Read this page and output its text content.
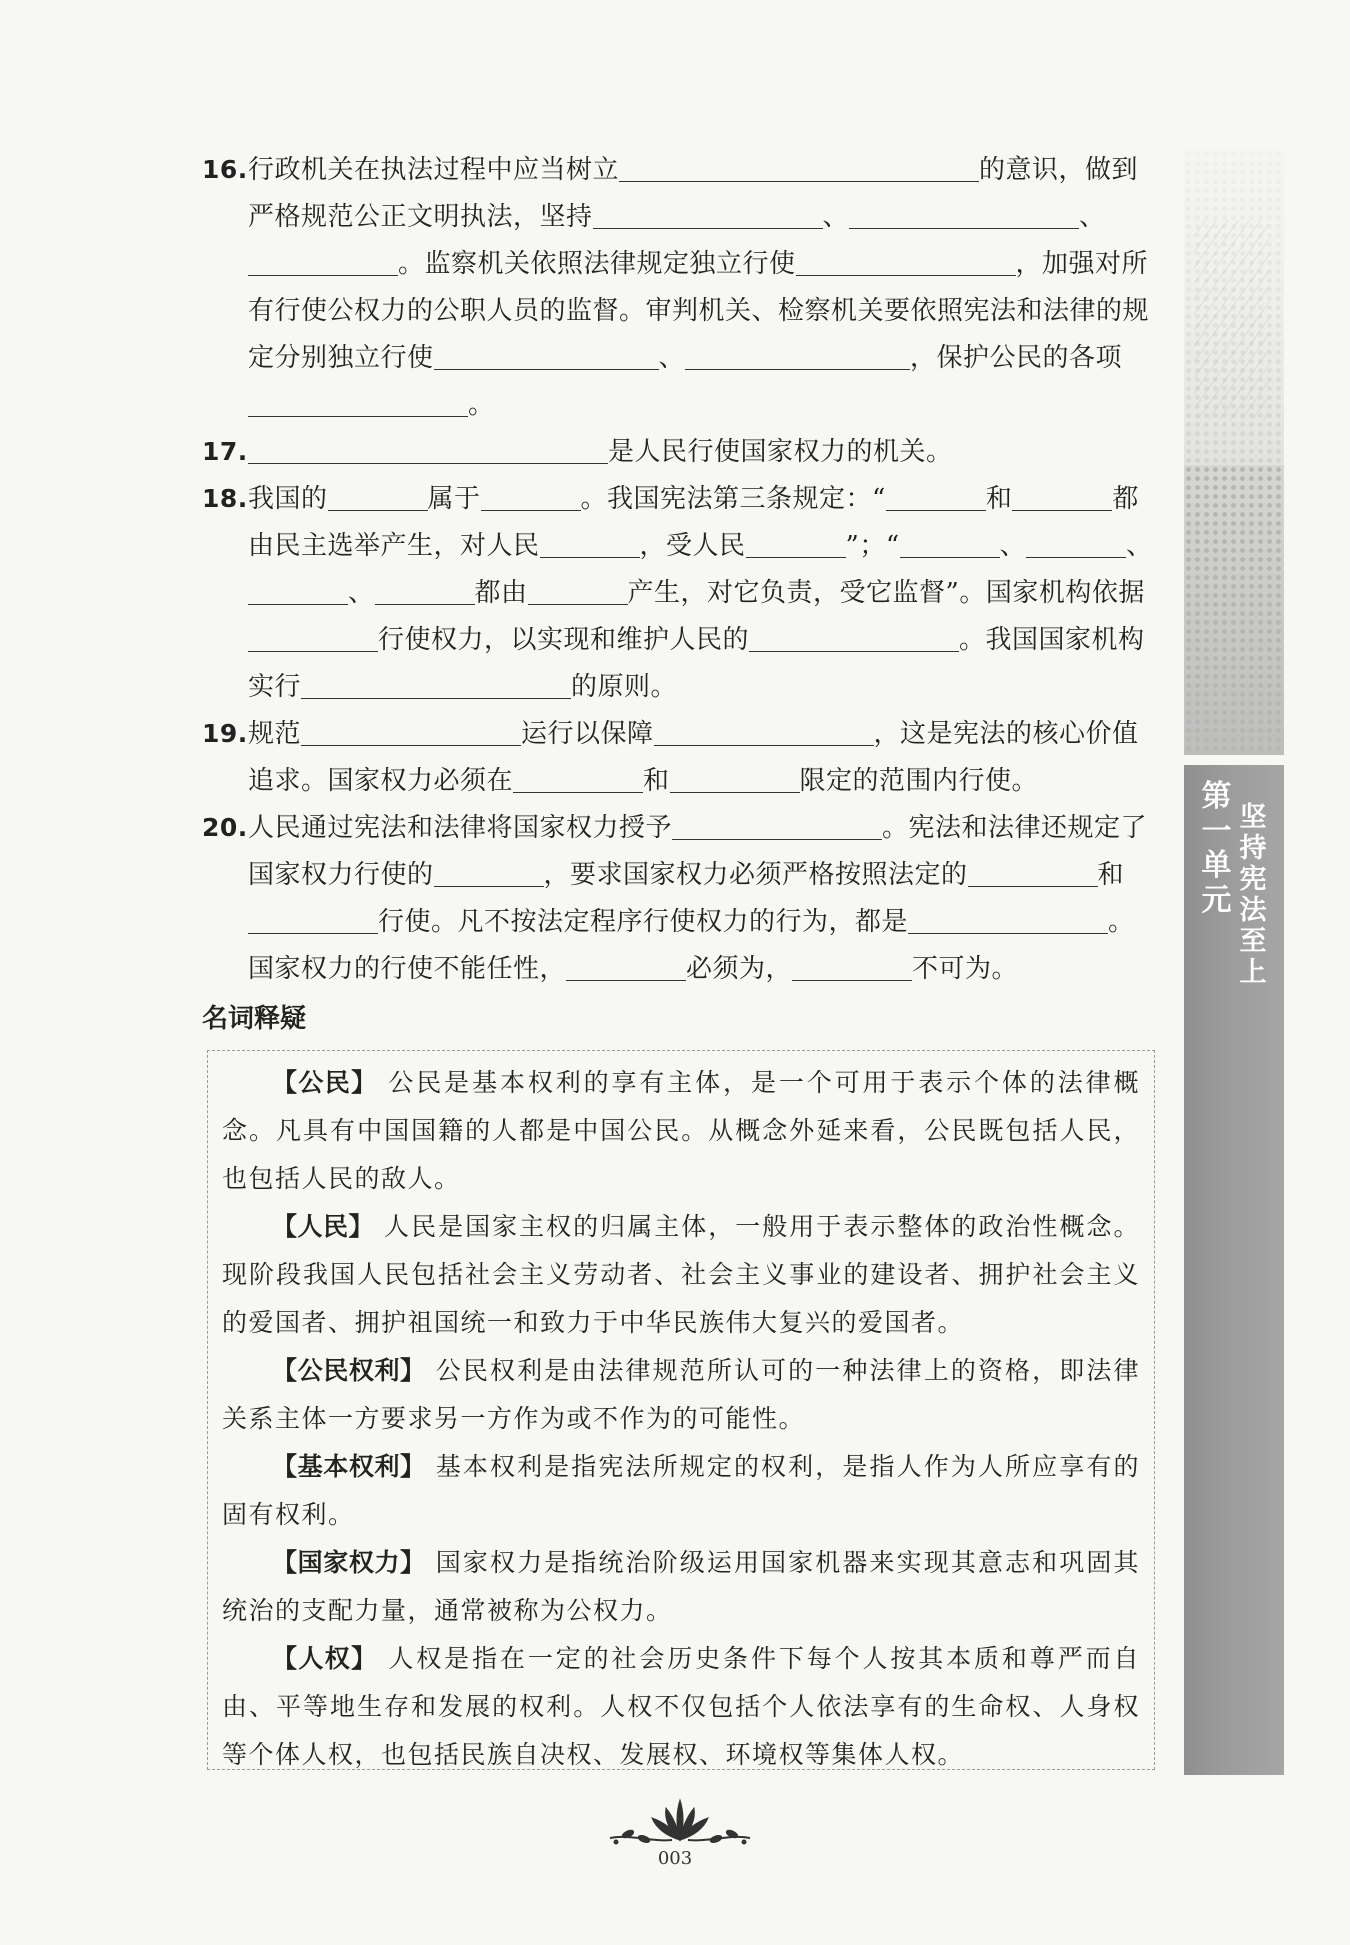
第
一
单
元
坚
持
宪
法
至
上

16.行政机关在执法过程中应当树立	的意识，做到严格规范公正文明执法，坚持	、	、。监察机关依照法律规定独立行使	，加强对所有行使公权力的公职人员的监督。审判机关、检察机关要依照宪法和法律的规定分别独立行使	、	，保护公民的各项。

17.	是人民行使国家权力的机关。

18.我国的	属于	。我国宪法第三条规定：“	和	都由民主选举产生，对人民	，受人民	”；“	、	、、	都由	产生，对它负责，受它监督”。国家机构依据行使权力，以实现和维护人民的	。我国国家机构实行	的原则。

19.规范	运行以保障	，这是宪法的核心价值追求。国家权力必须在	和	限定的范围内行使。

20.人民通过宪法和法律将国家权力授予	。宪法和法律还规定了国家权力行使的	，要求国家权力必须严格按照法定的	和行使。凡不按法定程序行使权力的行为，都是	。国家权力的行使不能任性，	必须为，	不可为。

名词释疑

【公民】 公民是基本权利的享有主体，是一个可用于表示个体的法律概念。凡具有中国国籍的人都是中国公民。从概念外延来看，公民既包括人民，也包括人民的敌人。

【人民】 人民是国家主权的归属主体，一般用于表示整体的政治性概念。现阶段我国人民包括社会主义劳动者、社会主义事业的建设者、拥护社会主义的爱国者、拥护祖国统一和致力于中华民族伟大复兴的爱国者。

【公民权利】 公民权利是由法律规范所认可的一种法律上的资格，即法律关系主体一方要求另一方作为或不作为的可能性。

【基本权利】 基本权利是指宪法所规定的权利，是指人作为人所应享有的固有权利。

【国家权力】 国家权力是指统治阶级运用国家机器来实现其意志和巩固其统治的支配力量，通常被称为公权力。

【人权】 人权是指在一定的社会历史条件下每个人按其本质和尊严而自由、平等地生存和发展的权利。人权不仅包括个人依法享有的生命权、人身权等个体人权，也包括民族自决权、发展权、环境权等集体人权。

003
